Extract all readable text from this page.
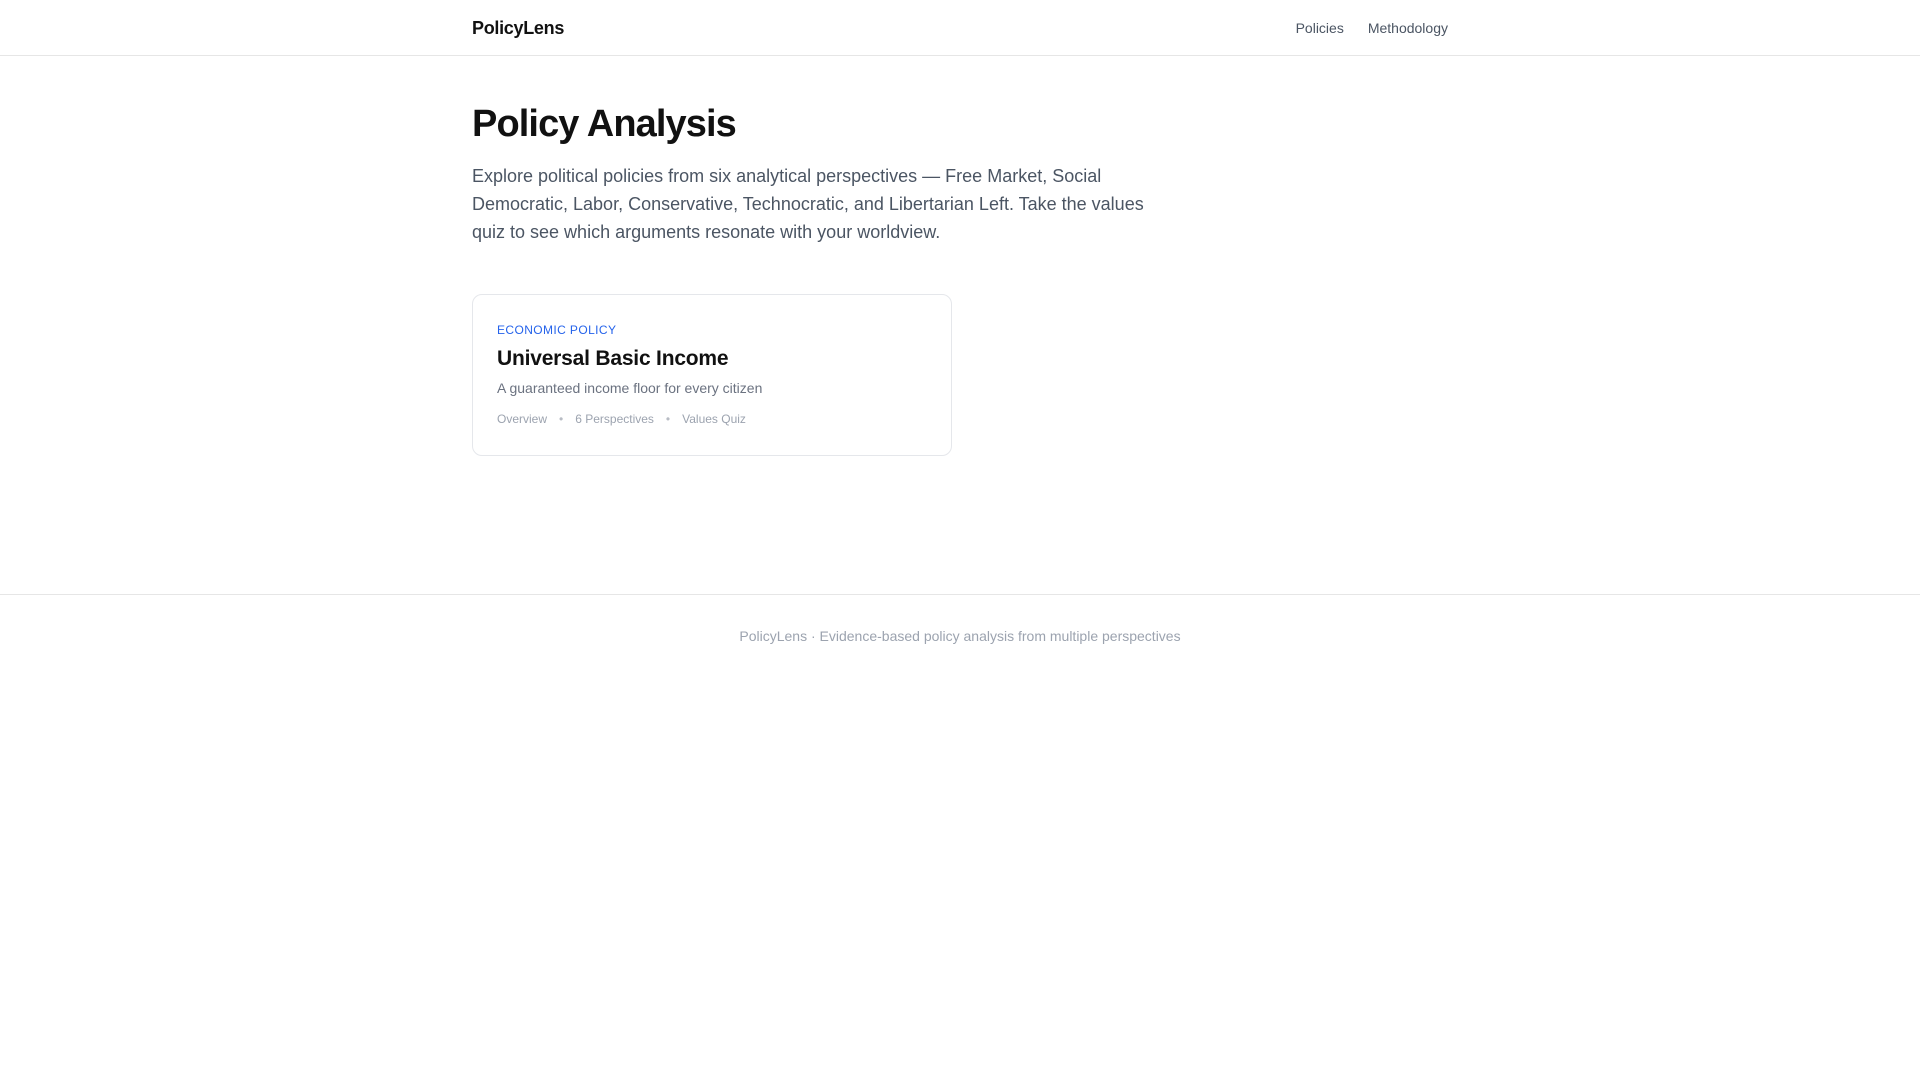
PolicyLens	Policies Methodology
Policy Analysis

Explore political policies from six analytical perspectives — Free Market, Social Democratic, Labor, Conservative, Technocratic, and Libertarian Left. Take the values quiz to see which arguments resonate with your worldview.

ECONOMIC POLICY
Universal Basic Income
A guaranteed income floor for every citizen
Overview • 6 Perspectives • Values Quiz
PolicyLens · Evidence-based policy analysis from multiple perspectives
